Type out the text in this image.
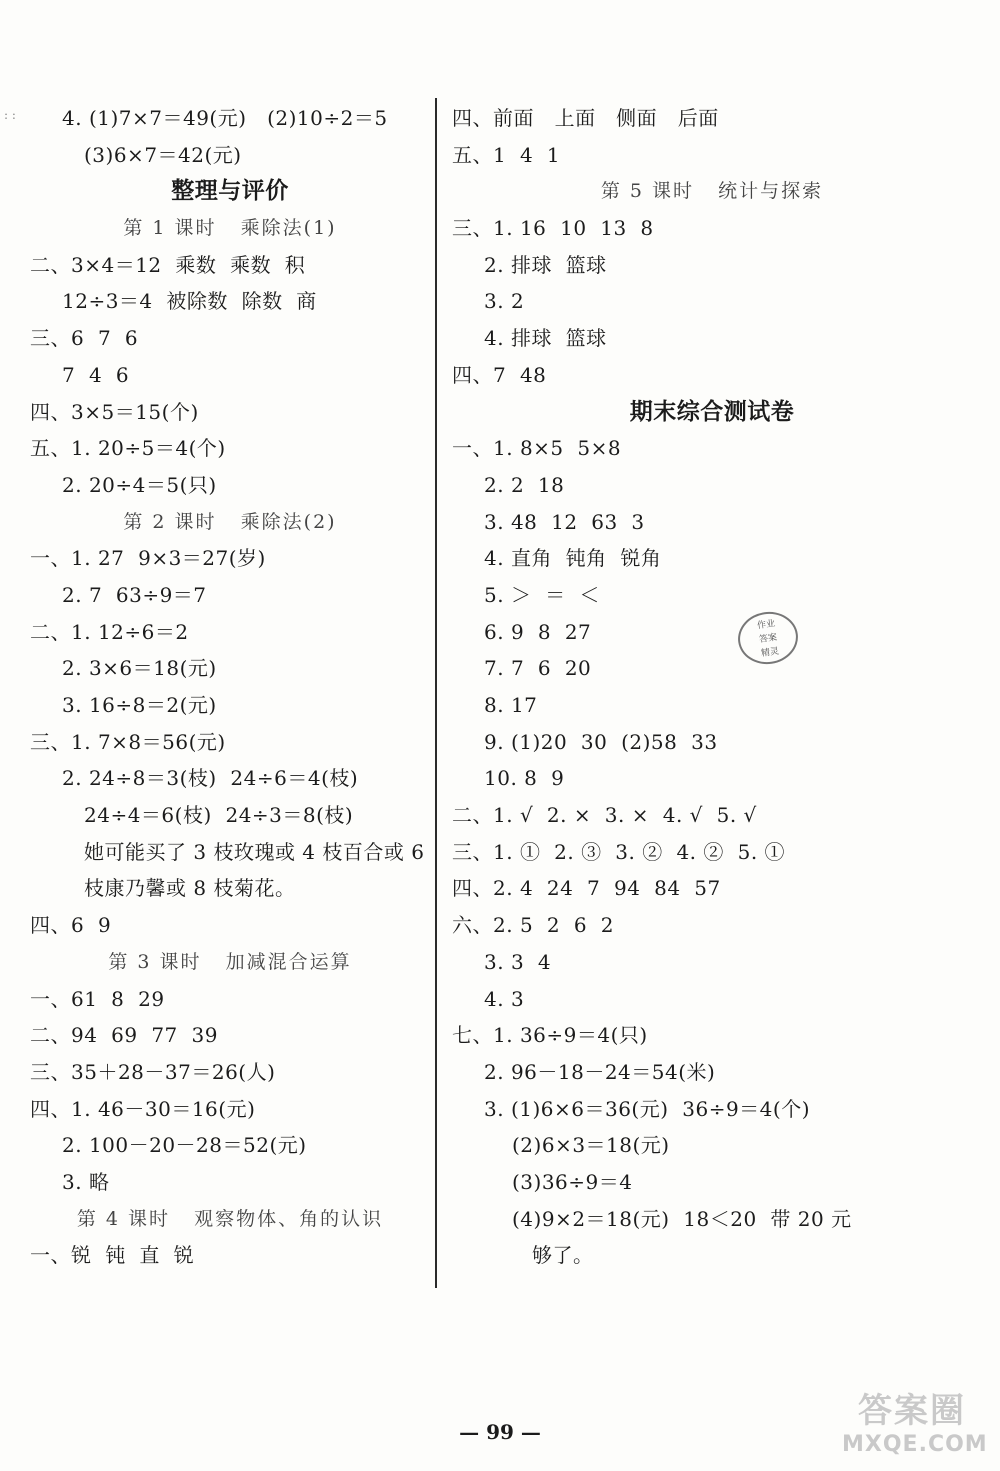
: :	4. (1)7×7＝49(元)   (2)10÷2＝5
(3)6×7＝42(元)
整理与评价
第 1 课时   乘除法(1)
二、3×4＝12  乘数  乘数  积
12÷3＝4  被除数  除数  商
三、6  7  6
7  4  6
四、3×5＝15(个)
五、1. 20÷5＝4(个)
2. 20÷4＝5(只)
第 2 课时   乘除法(2)
一、1. 27  9×3＝27(岁)
2. 7  63÷9＝7
二、1. 12÷6＝2
2. 3×6＝18(元)
3. 16÷8＝2(元)
三、1. 7×8＝56(元)
2. 24÷8＝3(枝)  24÷6＝4(枝)
24÷4＝6(枝)  24÷3＝8(枝)
她可能买了 3 枝玫瑰或 4 枝百合或 6
枝康乃馨或 8 枝菊花。
四、6  9
第 3 课时   加减混合运算
一、61  8  29
二、94  69  77  39
三、35＋28－37＝26(人)
四、1. 46－30＝16(元)
2. 100－20－28＝52(元)
3. 略
第 4 课时   观察物体、角的认识
一、锐  钝  直  锐
四、前面   上面   侧面   后面
五、1  4  1
第 5 课时   统计与探索
三、1. 16  10  13  8
2. 排球  篮球
3. 2
4. 排球  篮球
四、7  48
期末综合测试卷
一、1. 8×5  5×8
2. 2  18
3. 48  12  63  3
4. 直角  钝角  锐角
5. ＞  ＝  ＜
6. 9  8  27
7. 7  6  20
8. 17
9. (1)20  30  (2)58  33
10. 8  9
二、1. √  2. ×  3. ×  4. √  5. √
三、1. ①  2. ③  3. ②  4. ②  5. ①
四、2. 4  24  7  94  84  57
六、2. 5  2  6  2
3. 3  4
4. 3
七、1. 36÷9＝4(只)
2. 96－18－24＝54(米)
3. (1)6×6＝36(元)  36÷9＝4(个)
(2)6×3＝18(元)
(3)36÷9＝4
(4)9×2＝18(元)  18＜20  带 20 元
够了。
作业
答案
精灵
— 99 —
答案圈
MXQE.COM
